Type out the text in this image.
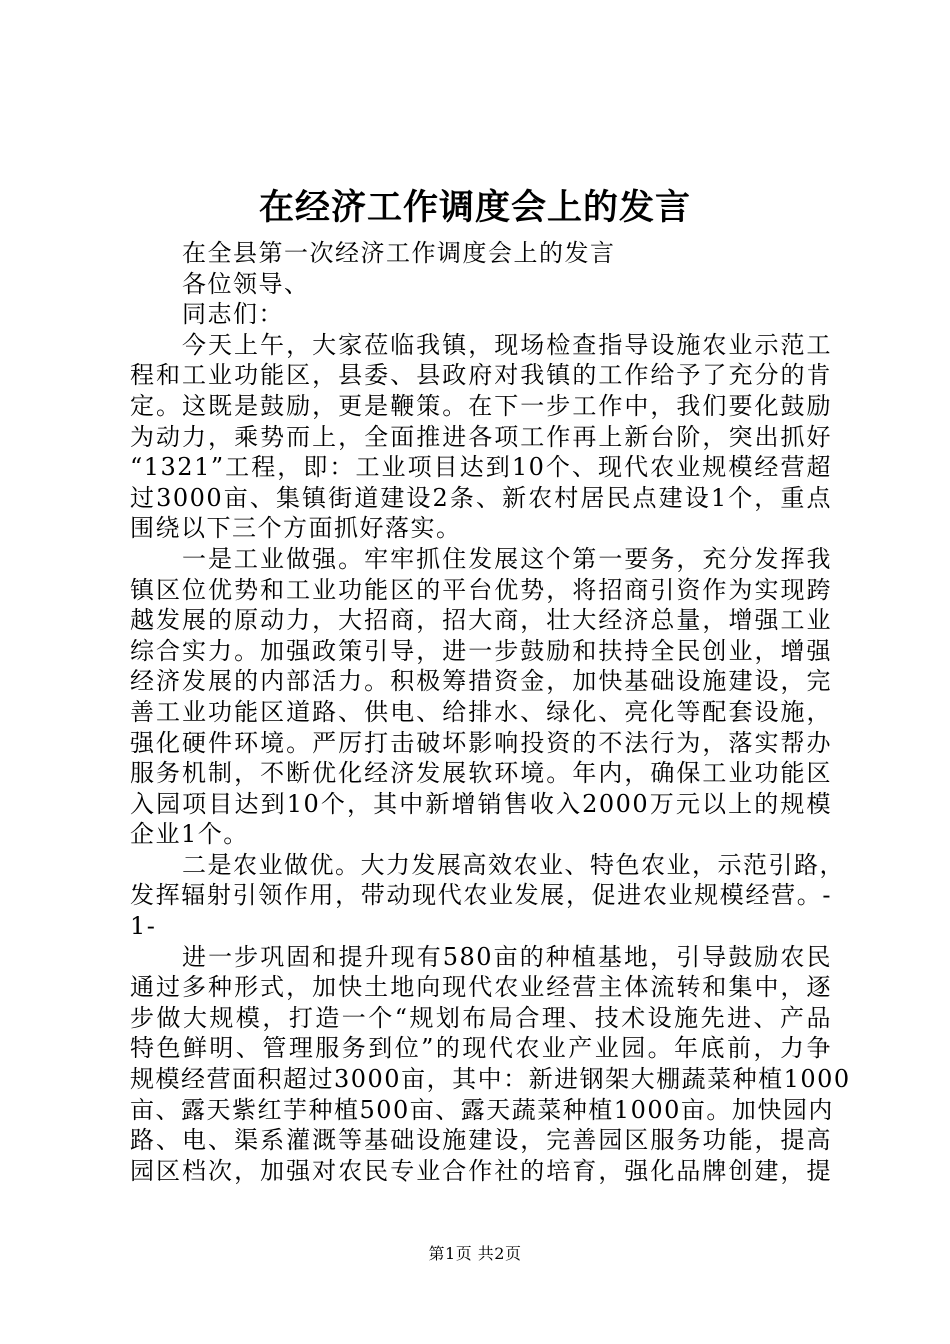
在经济工作调度会上的发言
在全县第一次经济工作调度会上的发言
各位领导、
同志们：
今天上午，大家莅临我镇，现场检查指导设施农业示范工
程和工业功能区，县委、县政府对我镇的工作给予了充分的肯
定。这既是鼓励，更是鞭策。在下一步工作中，我们要化鼓励
为动力，乘势而上，全面推进各项工作再上新台阶，突出抓好
“1321”工程，即：工业项目达到10个、现代农业规模经营超
过3000亩、集镇街道建设2条、新农村居民点建设1个，重点
围绕以下三个方面抓好落实。
一是工业做强。牢牢抓住发展这个第一要务，充分发挥我
镇区位优势和工业功能区的平台优势，将招商引资作为实现跨
越发展的原动力，大招商，招大商，壮大经济总量，增强工业
综合实力。加强政策引导，进一步鼓励和扶持全民创业，增强
经济发展的内部活力。积极筹措资金，加快基础设施建设，完
善工业功能区道路、供电、给排水、绿化、亮化等配套设施，
强化硬件环境。严厉打击破坏影响投资的不法行为，落实帮办
服务机制，不断优化经济发展软环境。年内，确保工业功能区
入园项目达到10个，其中新增销售收入2000万元以上的规模
企业1个。
二是农业做优。大力发展高效农业、特色农业，示范引路，
发挥辐射引领作用，带动现代农业发展，促进农业规模经营。-
1-
进一步巩固和提升现有580亩的种植基地，引导鼓励农民
通过多种形式，加快土地向现代农业经营主体流转和集中，逐
步做大规模，打造一个“规划布局合理、技术设施先进、产品
特色鲜明、管理服务到位”的现代农业产业园。年底前，力争
规模经营面积超过3000亩，其中：新进钢架大棚蔬菜种植1000
亩、露天紫红芋种植500亩、露天蔬菜种植1000亩。加快园内
路、电、渠系灌溉等基础设施建设，完善园区服务功能，提高
园区档次，加强对农民专业合作社的培育，强化品牌创建，提
第1页 共2页
